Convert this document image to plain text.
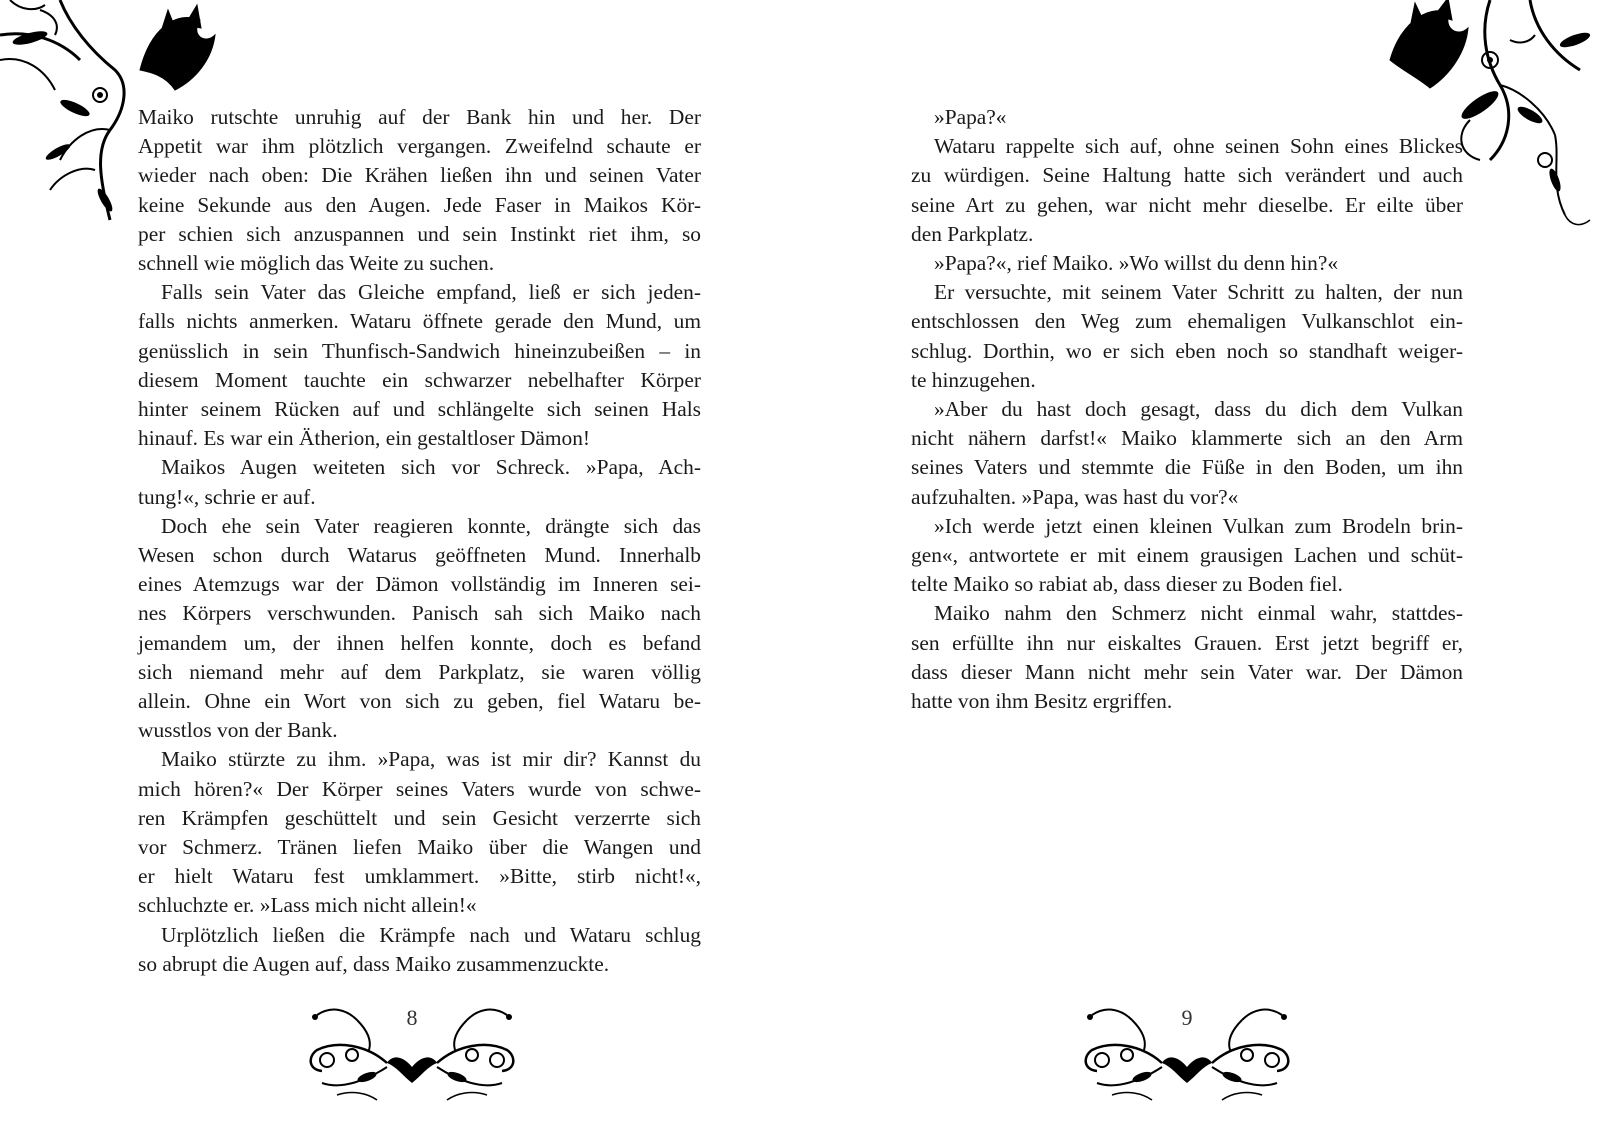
Maiko rutschte unruhig auf der Bank hin und her. Der
Appetit war ihm plötzlich vergangen. Zweifelnd schaute er
wieder nach oben: Die Krähen ließen ihn und seinen Vater
keine Sekunde aus den Augen. Jede Faser in Maikos Kör-
per schien sich anzuspannen und sein Instinkt riet ihm, so
schnell wie möglich das Weite zu suchen.
Falls sein Vater das Gleiche empfand, ließ er sich jeden-
falls nichts anmerken. Wataru öffnete gerade den Mund, um
genüsslich in sein Thunfisch-Sandwich hineinzubeißen – in
diesem Moment tauchte ein schwarzer nebelhafter Körper
hinter seinem Rücken auf und schlängelte sich seinen Hals
hinauf. Es war ein Ätherion, ein gestaltloser Dämon!
Maikos Augen weiteten sich vor Schreck. »Papa, Ach-
tung!«, schrie er auf.
Doch ehe sein Vater reagieren konnte, drängte sich das
Wesen schon durch Watarus geöffneten Mund. Innerhalb
eines Atemzugs war der Dämon vollständig im Inneren sei-
nes Körpers verschwunden. Panisch sah sich Maiko nach
jemandem um, der ihnen helfen konnte, doch es befand
sich niemand mehr auf dem Parkplatz, sie waren völlig
allein. Ohne ein Wort von sich zu geben, fiel Wataru be-
wusstlos von der Bank.
Maiko stürzte zu ihm. »Papa, was ist mir dir? Kannst du
mich hören?« Der Körper seines Vaters wurde von schwe-
ren Krämpfen geschüttelt und sein Gesicht verzerrte sich
vor Schmerz. Tränen liefen Maiko über die Wangen und
er hielt Wataru fest umklammert. »Bitte, stirb nicht!«,
schluchzte er. »Lass mich nicht allein!«
Urplötzlich ließen die Krämpfe nach und Wataru schlug
so abrupt die Augen auf, dass Maiko zusammenzuckte.
8
»Papa?«
Wataru rappelte sich auf, ohne seinen Sohn eines Blickes
zu würdigen. Seine Haltung hatte sich verändert und auch
seine Art zu gehen, war nicht mehr dieselbe. Er eilte über
den Parkplatz.
»Papa?«, rief Maiko. »Wo willst du denn hin?«
Er versuchte, mit seinem Vater Schritt zu halten, der nun
entschlossen den Weg zum ehemaligen Vulkanschlot ein-
schlug. Dorthin, wo er sich eben noch so standhaft weiger-
te hinzugehen.
»Aber du hast doch gesagt, dass du dich dem Vulkan
nicht nähern darfst!« Maiko klammerte sich an den Arm
seines Vaters und stemmte die Füße in den Boden, um ihn
aufzuhalten. »Papa, was hast du vor?«
»Ich werde jetzt einen kleinen Vulkan zum Brodeln brin-
gen«, antwortete er mit einem grausigen Lachen und schüt-
telte Maiko so rabiat ab, dass dieser zu Boden fiel.
Maiko nahm den Schmerz nicht einmal wahr, stattdes-
sen erfüllte ihn nur eiskaltes Grauen. Erst jetzt begriff er,
dass dieser Mann nicht mehr sein Vater war. Der Dämon
hatte von ihm Besitz ergriffen.
9
